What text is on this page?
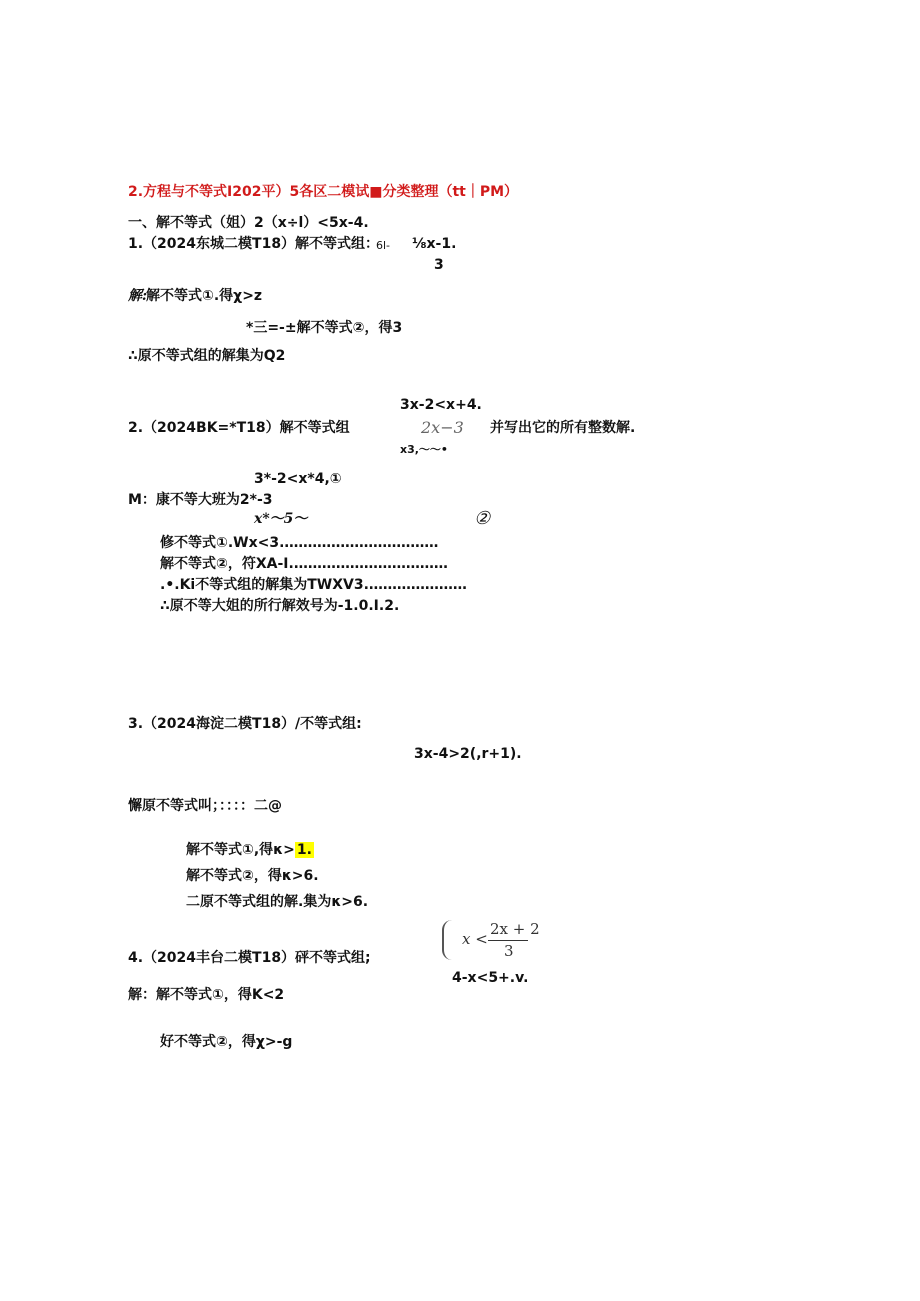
2.方程与不等式I202平）5各区二模试■分类整理（tt｜PM）
一、解不等式（姐）2（x÷l）<5x-4.
1.（2024东城二模T18）解不等式组：
6l- ⅛x-1.
3
解:
解不等式①.得χ>z
*三=-±解不等式②，得3
∴原不等式组的解集为Q2
3x-2<x+4.
2.（2024BK=*T18）解不等式组	2x−3 并写出它的所有整数解.
x3,～～•
3*-2<x*4,①
M：康不等大班为2*-3
x*～5～	②
修不等式①.Wx<3.……………………………
解不等式②，符XA-I.……………………………
.•.Ki不等式组的解集为TWXV3.…………………
∴原不等大姐的所行解效号为-1.0.I.2.
3.（2024海淀二模T18）/不等式组:
3x-4>2(,r+1).
懈原不等式叫；：：：：二@
解不等式①,得κ> 1.
解不等式②，得κ>6.
二原不等式组的解.集为κ>6.
x <
2x + 2
3
4.（2024丰台二模T18）砰不等式组;
4-x<5+.v.
解：解不等式①，得K<2
好不等式②，得χ>-g
